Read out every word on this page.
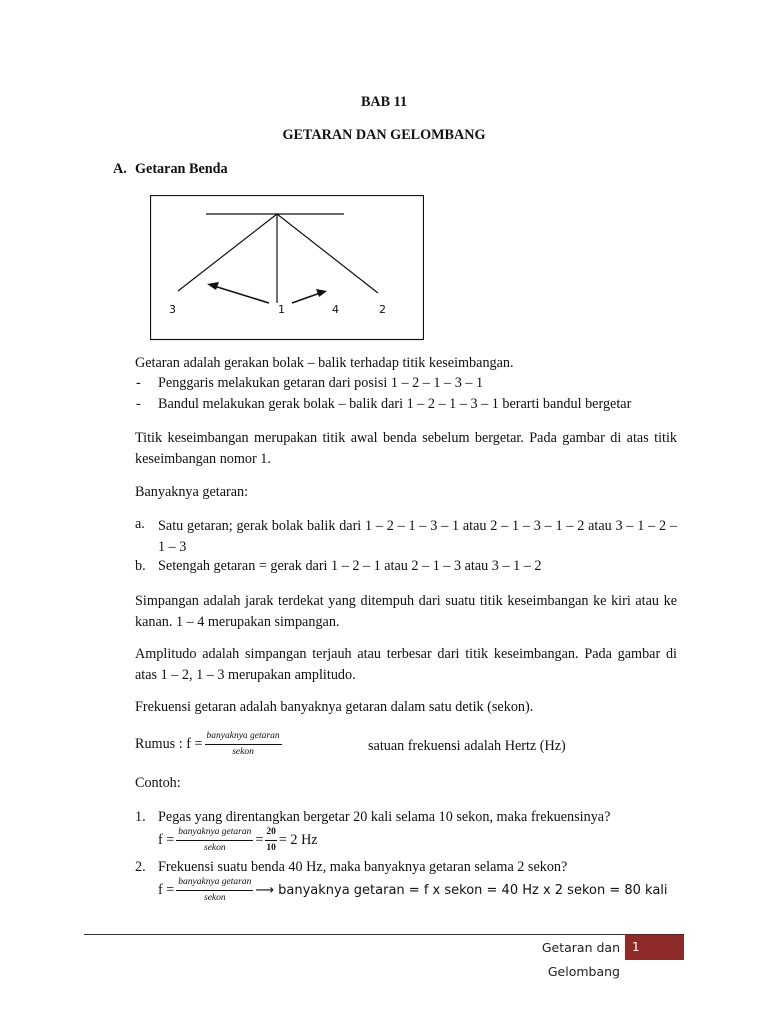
BAB 11
GETARAN DAN GELOMBANG
A. Getaran Benda
3	1	4	2
Getaran adalah gerakan bolak – balik terhadap titik keseimbangan.
- Penggaris melakukan getaran dari posisi 1 – 2 – 1 – 3 – 1
- Bandul melakukan gerak bolak – balik dari 1 – 2 – 1 – 3 – 1 berarti bandul bergetar
Titik keseimbangan merupakan titik awal benda sebelum bergetar. Pada gambar di atas titik keseimbangan nomor 1.
Banyaknya getaran:
a. Satu getaran; gerak bolak balik dari 1 – 2 – 1 – 3 – 1 atau 2 – 1 – 3 – 1 – 2 atau 3 – 1 – 2 – 1 – 3
b. Setengah getaran = gerak dari 1 – 2 – 1 atau 2 – 1 – 3 atau 3 – 1 – 2
Simpangan adalah jarak terdekat yang ditempuh dari suatu titik keseimbangan ke kiri atau ke kanan. 1 – 4 merupakan simpangan.
Amplitudo adalah simpangan terjauh atau terbesar dari titik keseimbangan. Pada gambar di atas 1 – 2, 1 – 3 merupakan amplitudo.
Frekuensi getaran adalah banyaknya getaran dalam satu detik (sekon).
Rumus : $f = \frac{\text{banyaknya getaran}}{\text{sekon}}$	satuan frekuensi adalah Hertz (Hz)
Contoh:
1. Pegas yang direntangkan bergetar 20 kali selama 10 sekon, maka frekuensinya?
$f = \frac{\text{banyaknya getaran}}{\text{sekon}} = \frac{20}{10} = 2$ Hz
2. Frekuensi suatu benda 40 Hz, maka banyaknya getaran selama 2 sekon?
$f = \frac{\text{banyaknya getaran}}{\text{sekon}}$ ⟶ banyaknya getaran = f x sekon = 40 Hz x 2 sekon = 80 kali
Getaran dan Gelombang
1
